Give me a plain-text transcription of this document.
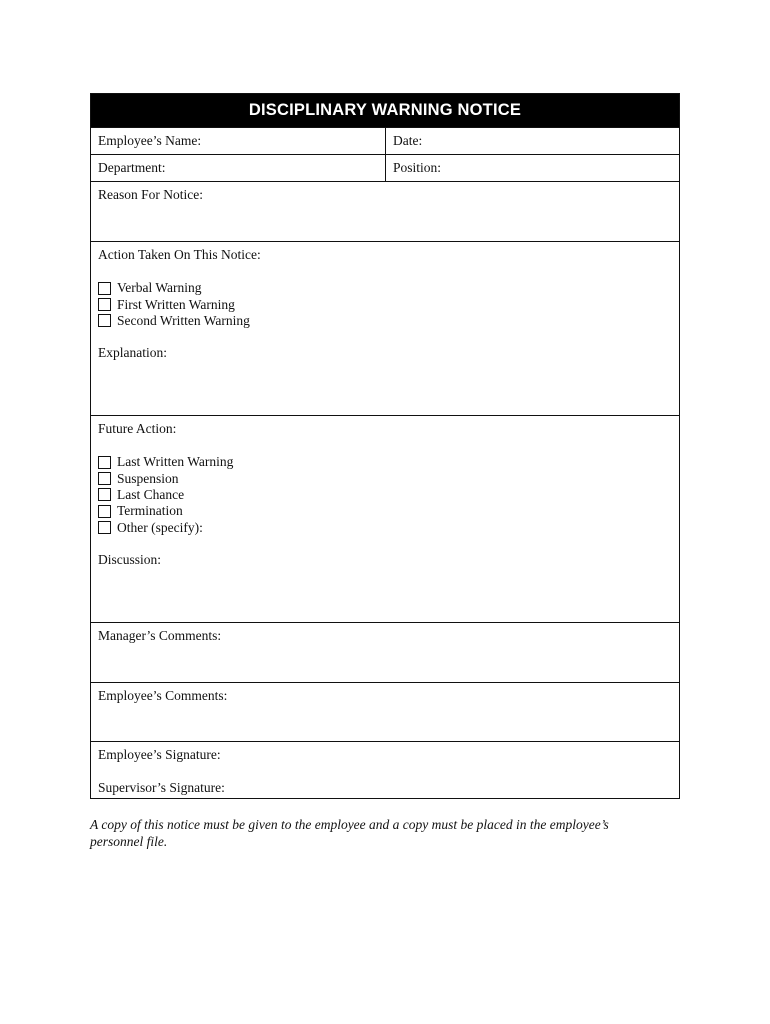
DISCIPLINARY WARNING NOTICE
Employee’s Name:	Date:
Department:	Position:
Reason For Notice:
Action Taken On This Notice:
Verbal Warning
First Written Warning
Second Written Warning
Explanation:
Future Action:
Last Written Warning
Suspension
Last Chance
Termination
Other (specify):
Discussion:
Manager’s Comments:
Employee’s Comments:
Employee’s Signature:
Supervisor’s Signature:
A copy of this notice must be given to the employee and a copy must be placed in the employee’s personnel file.
